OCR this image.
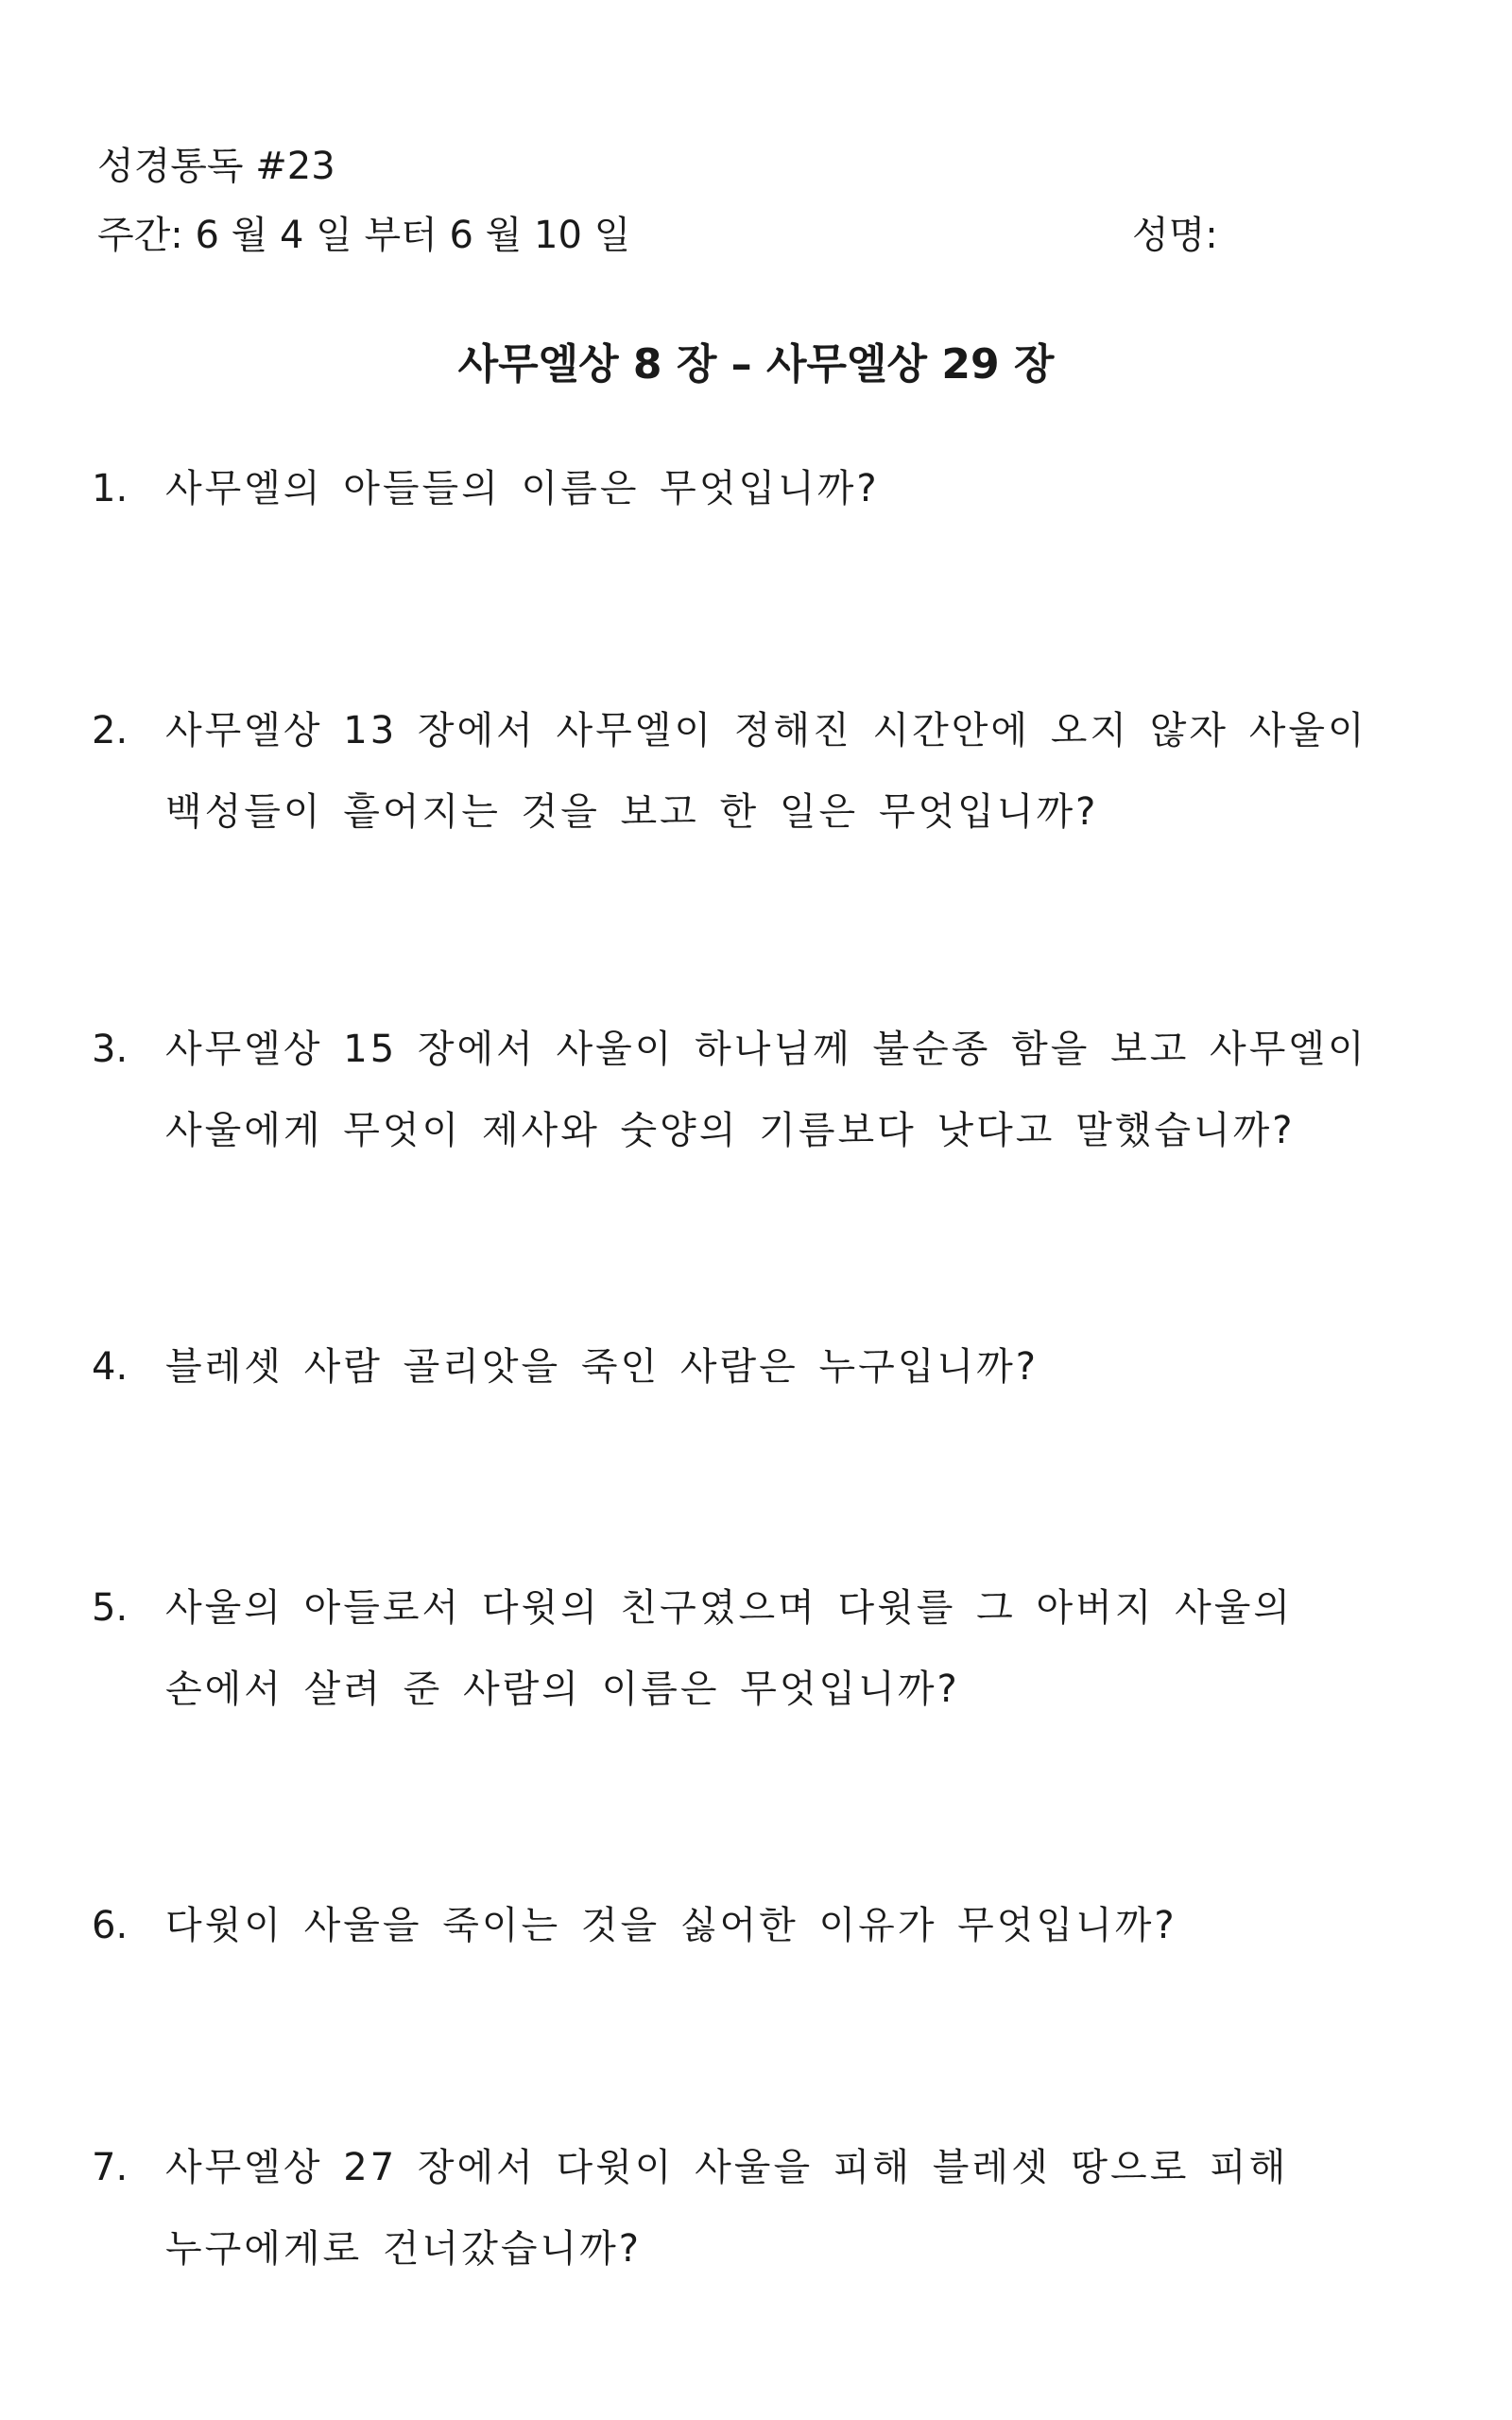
성경통독 #23
주간: 6 월 4 일 부터 6 월 10 일	성명:
사무엘상 8 장 – 사무엘상 29 장
1. 사무엘의 아들들의 이름은 무엇입니까?
2. 사무엘상 13 장에서 사무엘이 정해진 시간안에 오지 않자 사울이
백성들이 흩어지는 것을 보고 한 일은 무엇입니까?
3. 사무엘상 15 장에서 사울이 하나님께 불순종 함을 보고 사무엘이
사울에게 무엇이 제사와 숫양의 기름보다 낫다고 말했습니까?
4. 블레셋 사람 골리앗을 죽인 사람은 누구입니까?
5. 사울의 아들로서 다윗의 친구였으며 다윗를 그 아버지 사울의
손에서 살려 준 사람의 이름은 무엇입니까?
6. 다윗이 사울을 죽이는 것을 싫어한 이유가 무엇입니까?
7. 사무엘상 27 장에서 다윗이 사울을 피해 블레셋 땅으로 피해
누구에게로 건너갔습니까?
